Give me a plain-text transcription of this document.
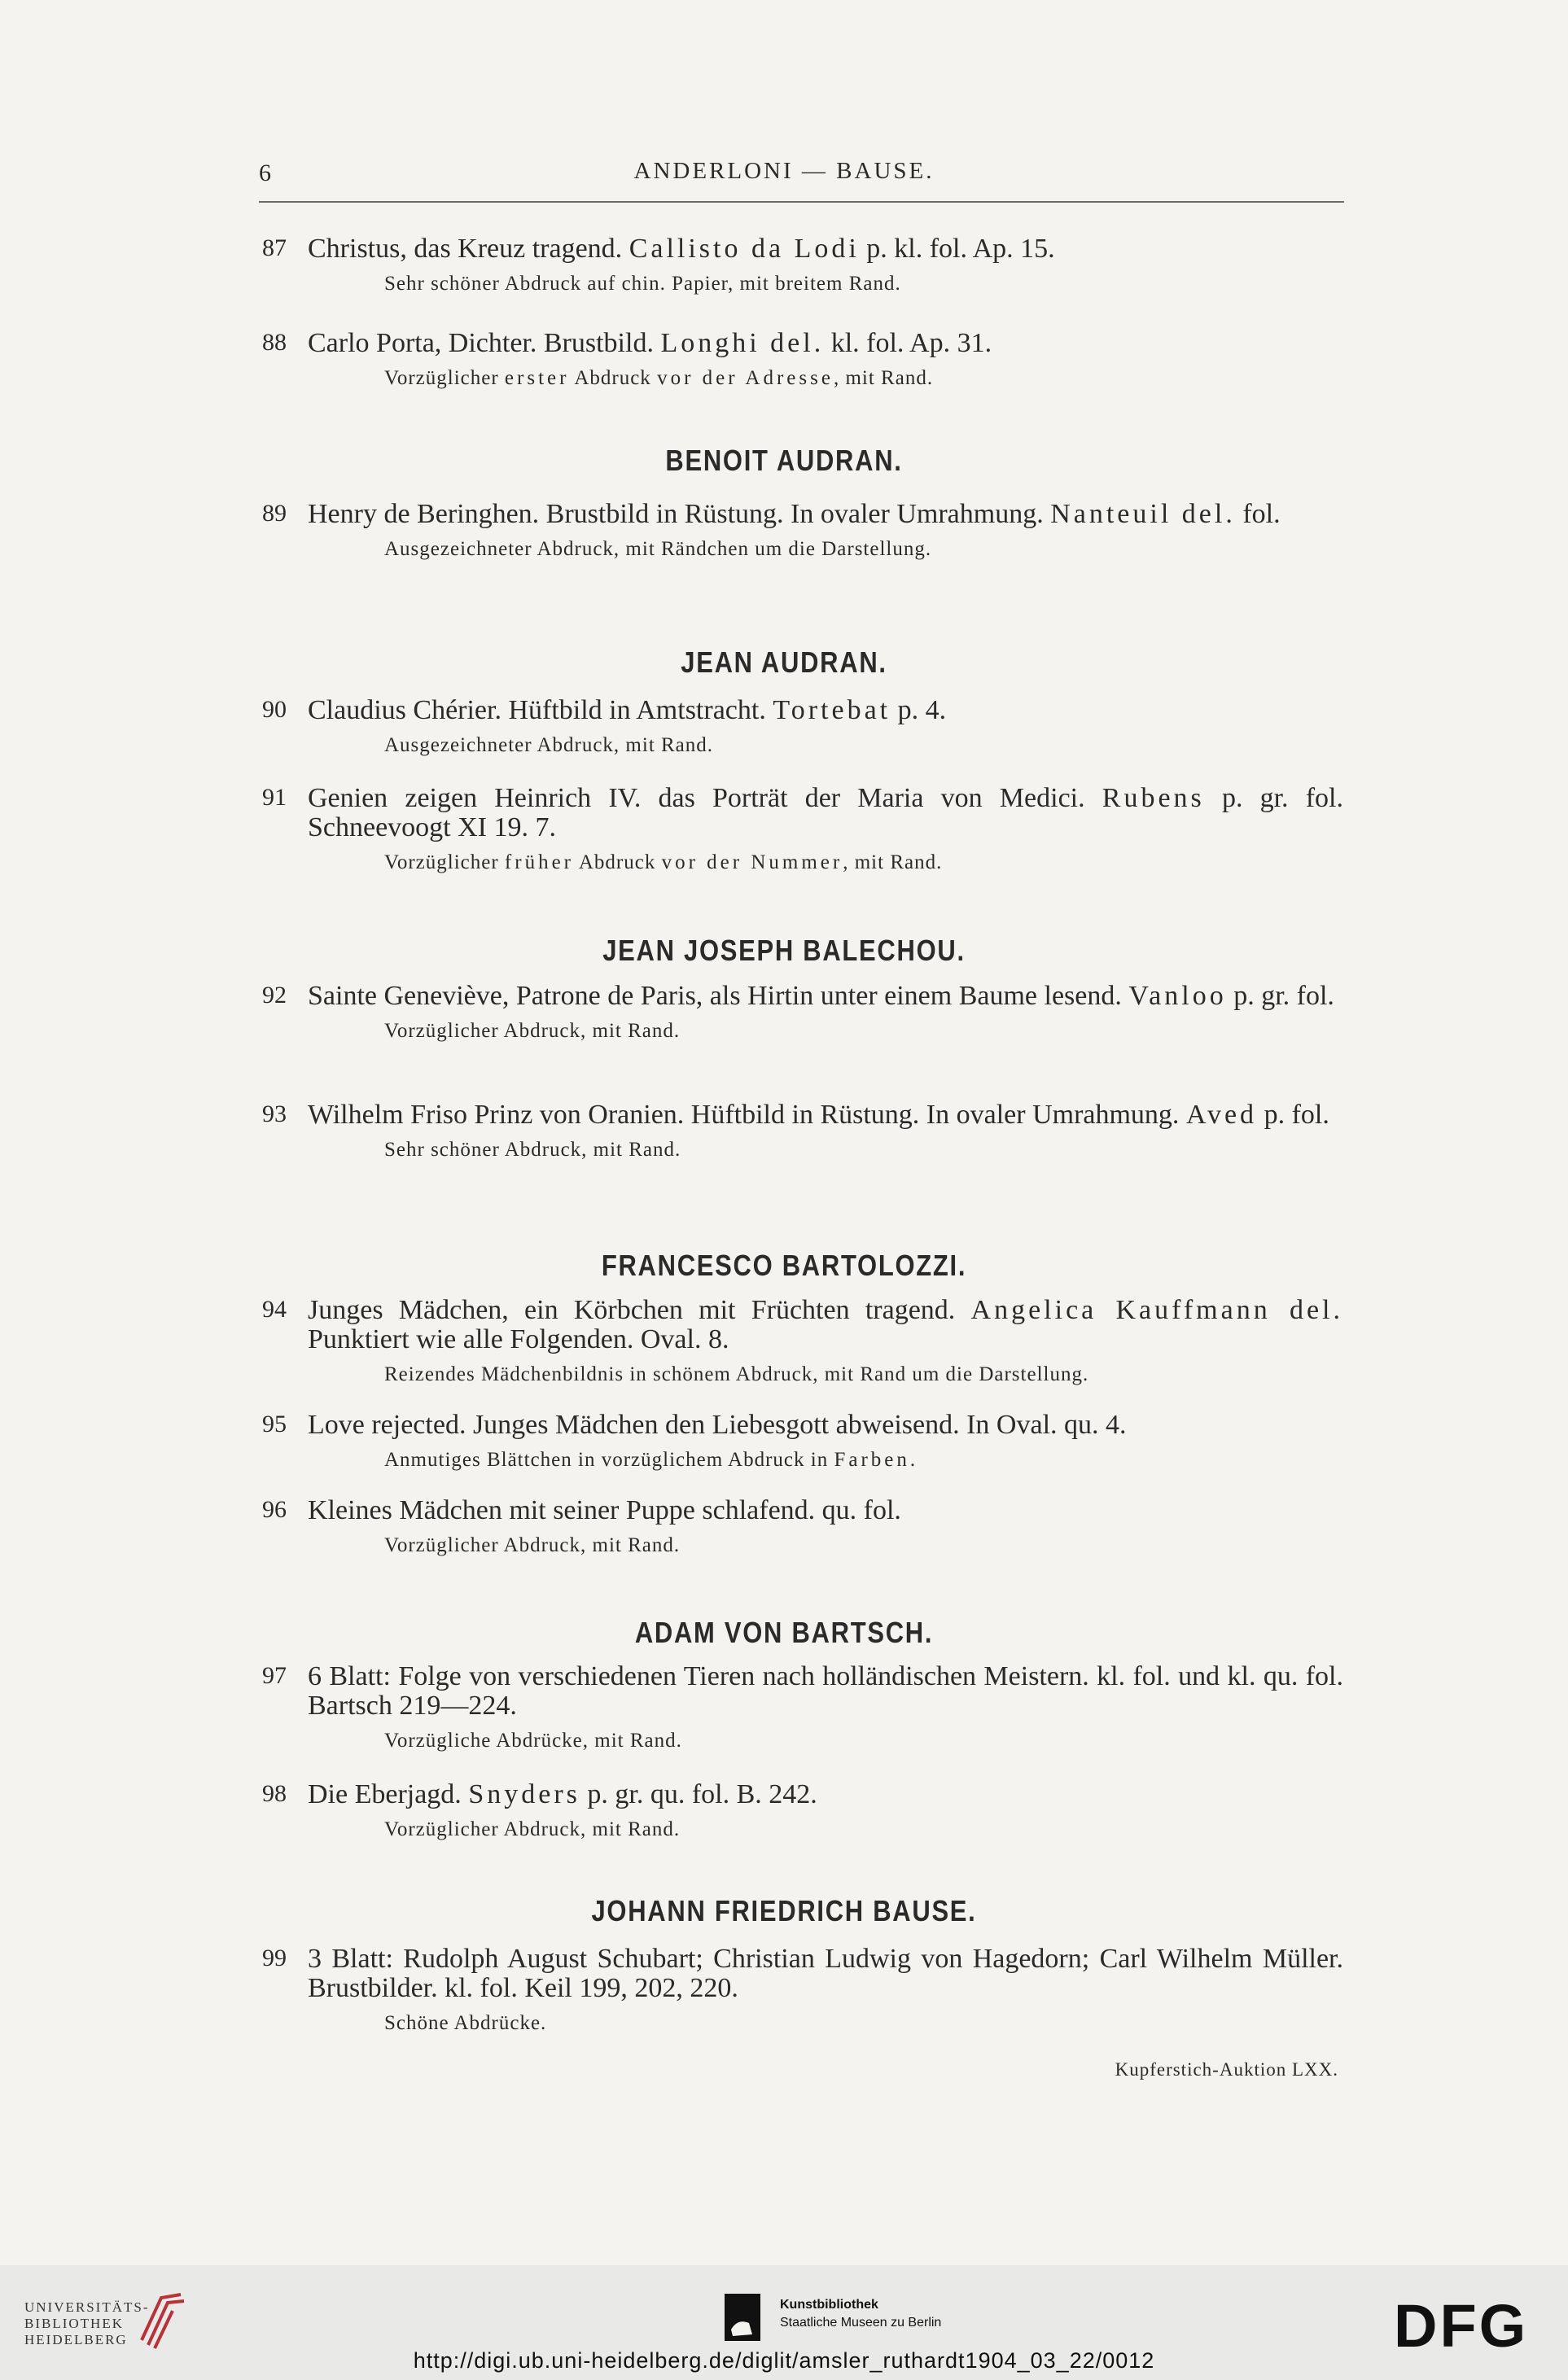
6	ANDERLONI — BAUSE.
87 Christus, das Kreuz tragend. Callisto da Lodi p. kl. fol. Ap. 15.
Sehr schöner Abdruck auf chin. Papier, mit breitem Rand.
88 Carlo Porta, Dichter. Brustbild. Longhi del. kl. fol. Ap. 31.
Vorzüglicher erster Abdruck vor der Adresse, mit Rand.
BENOIT AUDRAN.
89 Henry de Beringhen. Brustbild in Rüstung. In ovaler Umrahmung. Nanteuil del. fol.
Ausgezeichneter Abdruck, mit Rändchen um die Darstellung.
JEAN AUDRAN.
90 Claudius Chérier. Hüftbild in Amtstracht. Tortebat p. 4.
Ausgezeichneter Abdruck, mit Rand.
91 Genien zeigen Heinrich IV. das Porträt der Maria von Medici. Rubens p. gr. fol. Schneevoogt XI 19. 7.
Vorzüglicher früher Abdruck vor der Nummer, mit Rand.
JEAN JOSEPH BALECHOU.
92 Sainte Geneviève, Patrone de Paris, als Hirtin unter einem Baume lesend. Vanloo p. gr. fol.
Vorzüglicher Abdruck, mit Rand.
93 Wilhelm Friso Prinz von Oranien. Hüftbild in Rüstung. In ovaler Umrahmung. Aved p. fol.
Sehr schöner Abdruck, mit Rand.
FRANCESCO BARTOLOZZI.
94 Junges Mädchen, ein Körbchen mit Früchten tragend. Angelica Kauffmann del. Punktiert wie alle Folgenden. Oval. 8.
Reizendes Mädchenbildnis in schönem Abdruck, mit Rand um die Darstellung.
95 Love rejected. Junges Mädchen den Liebesgott abweisend. In Oval. qu. 4.
Anmutiges Blättchen in vorzüglichem Abdruck in Farben.
96 Kleines Mädchen mit seiner Puppe schlafend. qu. fol.
Vorzüglicher Abdruck, mit Rand.
ADAM VON BARTSCH.
97 6 Blatt: Folge von verschiedenen Tieren nach holländischen Meistern. kl. fol. und kl. qu. fol. Bartsch 219—224.
Vorzügliche Abdrücke, mit Rand.
98 Die Eberjagd. Snyders p. gr. qu. fol. B. 242.
Vorzüglicher Abdruck, mit Rand.
JOHANN FRIEDRICH BAUSE.
99 3 Blatt: Rudolph August Schubart; Christian Ludwig von Hagedorn; Carl Wilhelm Müller. Brustbilder. kl. fol. Keil 199, 202, 220.
Schöne Abdrücke.
Kupferstich-Auktion LXX.
UNIVERSITÄTS-
BIBLIOTHEK
HEIDELBERG
Kunstbibliothek
Staatliche Museen zu Berlin	DFG
http://digi.ub.uni-heidelberg.de/diglit/amsler_ruthardt1904_03_22/0012
